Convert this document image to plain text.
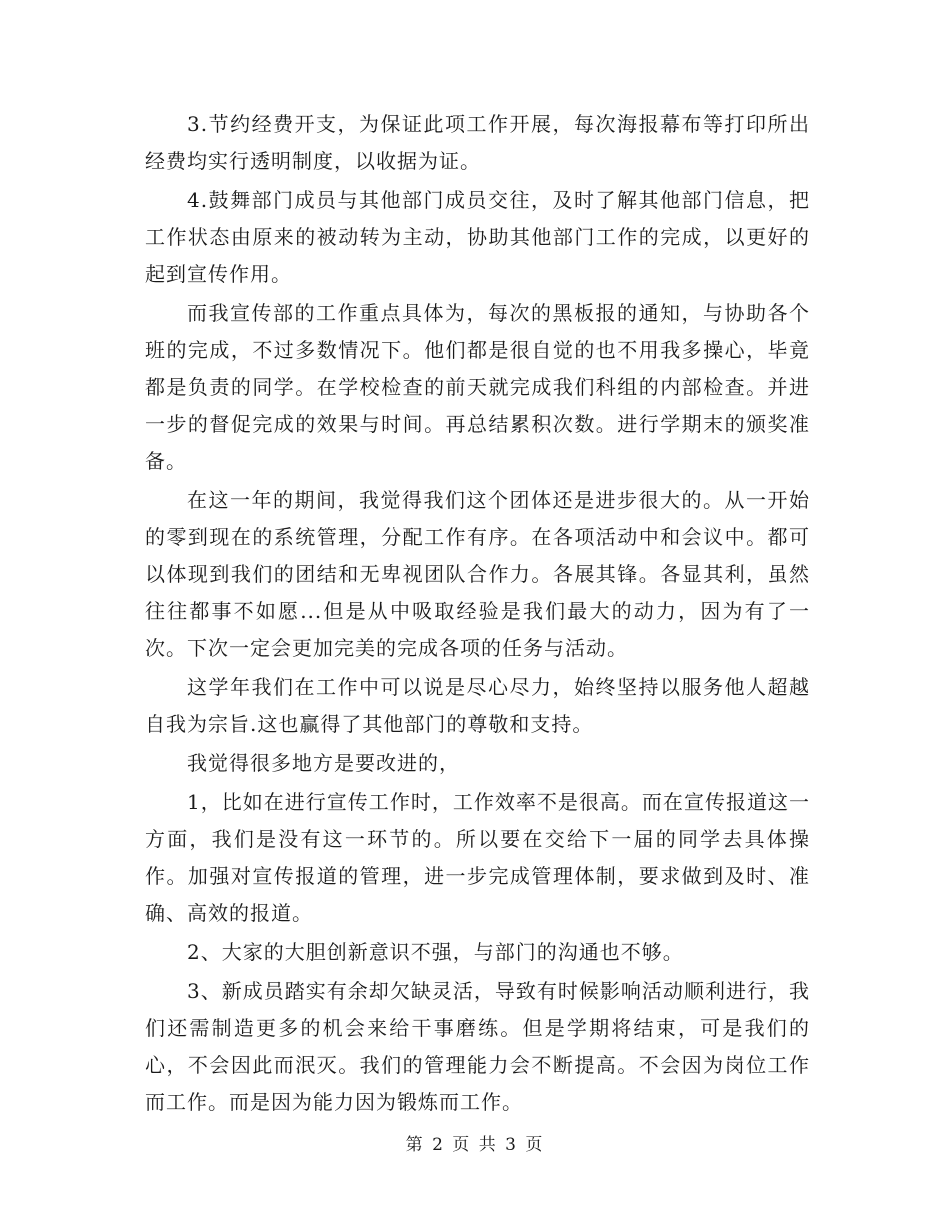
3.节约经费开支，为保证此项工作开展，每次海报幕布等打印所出经费均实行透明制度，以收据为证。

4.鼓舞部门成员与其他部门成员交往，及时了解其他部门信息，把工作状态由原来的被动转为主动，协助其他部门工作的完成，以更好的起到宣传作用。

而我宣传部的工作重点具体为，每次的黑板报的通知，与协助各个班的完成，不过多数情况下。他们都是很自觉的也不用我多操心，毕竟都是负责的同学。在学校检查的前天就完成我们科组的内部检查。并进一步的督促完成的效果与时间。再总结累积次数。进行学期末的颁奖准备。

在这一年的期间，我觉得我们这个团体还是进步很大的。从一开始的零到现在的系统管理，分配工作有序。在各项活动中和会议中。都可以体现到我们的团结和无卑视团队合作力。各展其锋。各显其利，虽然往往都事不如愿...但是从中吸取经验是我们最大的动力，因为有了一次。下次一定会更加完美的完成各项的任务与活动。

这学年我们在工作中可以说是尽心尽力，始终坚持以服务他人超越自我为宗旨.这也赢得了其他部门的尊敬和支持。

我觉得很多地方是要改进的，

1，比如在进行宣传工作时，工作效率不是很高。而在宣传报道这一方面，我们是没有这一环节的。所以要在交给下一届的同学去具体操作。加强对宣传报道的管理，进一步完成管理体制，要求做到及时、准确、高效的报道。

2、大家的大胆创新意识不强，与部门的沟通也不够。

3、新成员踏实有余却欠缺灵活，导致有时候影响活动顺利进行，我们还需制造更多的机会来给干事磨练。但是学期将结束，可是我们的心，不会因此而泯灭。我们的管理能力会不断提高。不会因为岗位工作而工作。而是因为能力因为锻炼而工作。

第 2 页 共 3 页
